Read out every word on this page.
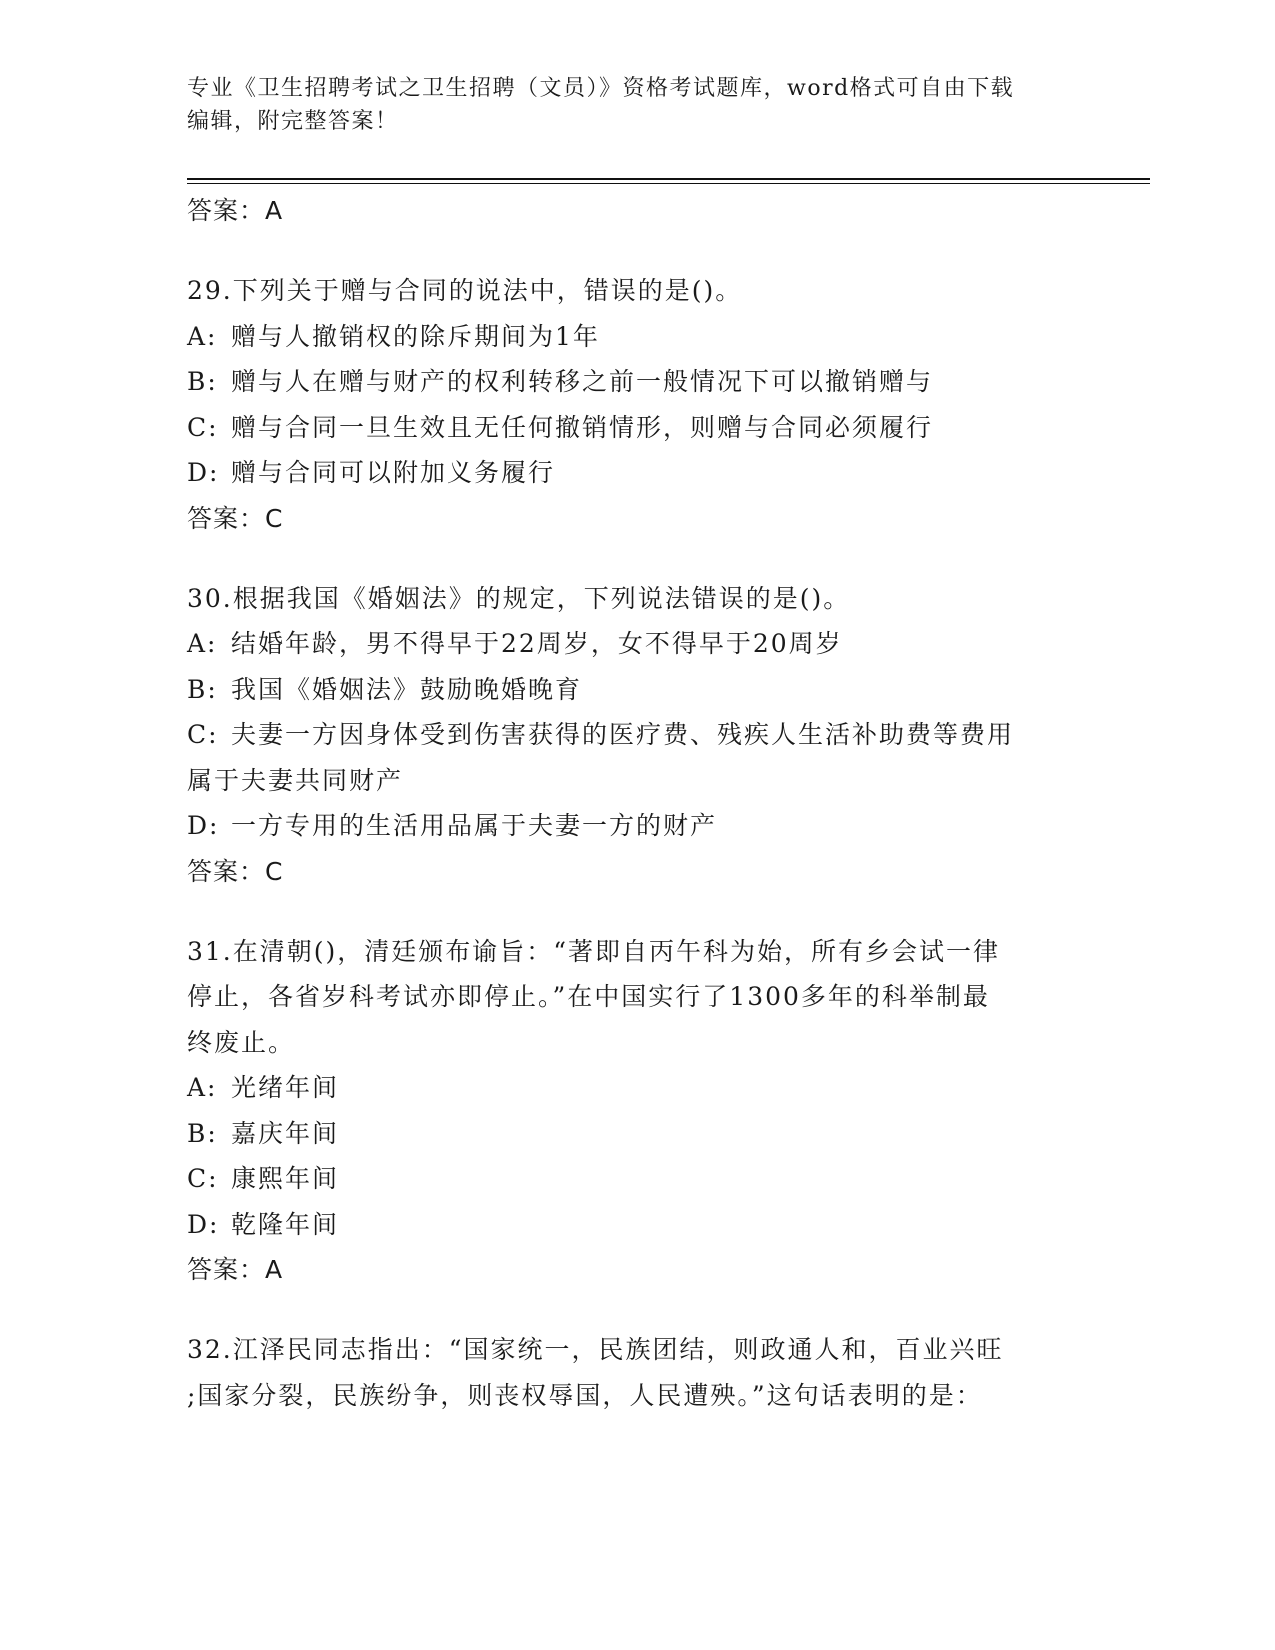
专业《卫生招聘考试之卫生招聘（文员）》资格考试题库，word格式可自由下载
编辑，附完整答案！
答案：A
29.下列关于赠与合同的说法中，错误的是()。
A: 赠与人撤销权的除斥期间为1年
B: 赠与人在赠与财产的权利转移之前一般情况下可以撤销赠与
C: 赠与合同一旦生效且无任何撤销情形，则赠与合同必须履行
D: 赠与合同可以附加义务履行
答案：C
30.根据我国《婚姻法》的规定，下列说法错误的是()。
A: 结婚年龄，男不得早于22周岁，女不得早于20周岁
B: 我国《婚姻法》鼓励晚婚晚育
C: 夫妻一方因身体受到伤害获得的医疗费、残疾人生活补助费等费用
属于夫妻共同财产
D: 一方专用的生活用品属于夫妻一方的财产
答案：C
31.在清朝()，清廷颁布谕旨：“著即自丙午科为始，所有乡会试一律
停止，各省岁科考试亦即停止。”在中国实行了1300多年的科举制最
终废止。
A: 光绪年间
B: 嘉庆年间
C: 康熙年间
D: 乾隆年间
答案：A
32.江泽民同志指出：“国家统一，民族团结，则政通人和，百业兴旺
;国家分裂，民族纷争，则丧权辱国，人民遭殃。”这句话表明的是：
